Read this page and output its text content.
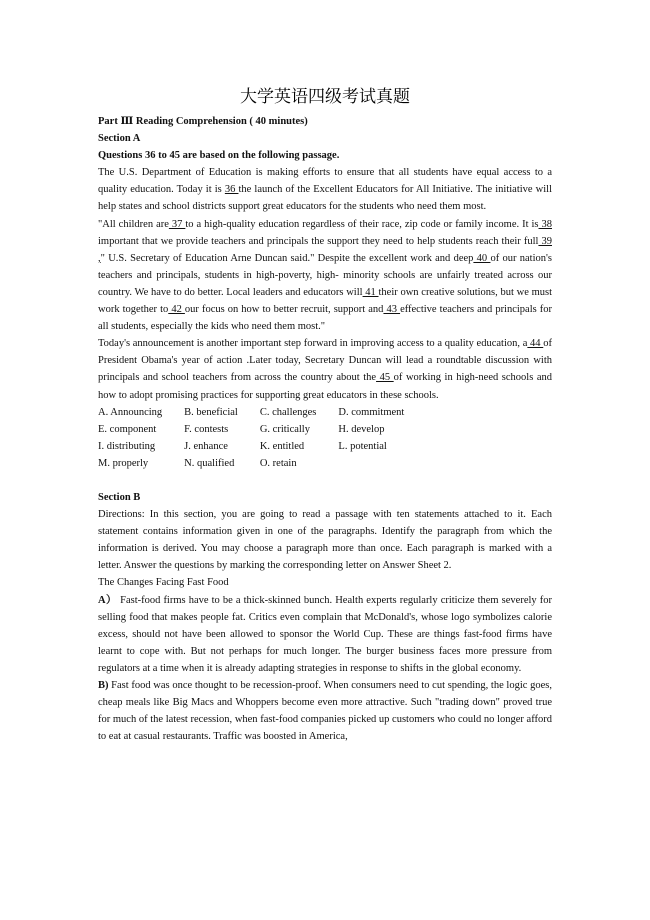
大学英语四级考试真题
Part Ⅲ Reading Comprehension ( 40 minutes)
Section A
Questions 36 to 45 are based on the following passage.

The U.S. Department of Education is making efforts to ensure that all students have equal access to a quality education. Today it is 36 the launch of the Excellent Educators for All Initiative. The initiative will help states and school districts support great educators for the students who need them most.

"All children are 37 to a high-quality education regardless of their race, zip code or family income. It is 38 important that we provide teachers and principals the support they need to help students reach their full 39 ," U.S. Secretary of Education Arne Duncan said." Despite the excellent work and deep 40 of our nation's teachers and principals, students in high-poverty, high- minority schools are unfairly treated across our country. We have to do better. Local leaders and educators will 41 their own creative solutions, but we must work together to 42 our focus on how to better recruit, support and 43 effective teachers and principals for all students, especially the kids who need them most."

Today's announcement is another important step forward in improving access to a quality education, a 44 of President Obama's year of action .Later today, Secretary Duncan will lead a roundtable discussion with principals and school teachers from across the country about the 45 of working in high-need schools and how to adopt promising practices for supporting great educators in these schools.

A. Announcing B. beneficial C. challenges D. commitment
E. component	F. contests	G. critically	H. develop
I. distributing	J. enhance	K. entitled	L. potential
M. properly	N. qualified	O. retain
Section B

Directions: In this section, you are going to read a passage with ten statements attached to it. Each statement contains information given in one of the paragraphs. Identify the paragraph from which the information is derived. You may choose a paragraph more than once. Each paragraph is marked with a letter. Answer the questions by marking the corresponding letter on Answer Sheet 2.

The Changes Facing Fast Food

A） Fast-food firms have to be a thick-skinned bunch. Health experts regularly criticize them severely for selling food that makes people fat. Critics even complain that McDonald's, whose logo symbolizes calorie excess, should not have been allowed to sponsor the World Cup. These are things fast-food firms have learnt to cope with. But not perhaps for much longer. The burger business faces more pressure from regulators at a time when it is already adapting strategies in response to shifts in the global economy.

B) Fast food was once thought to be recession-proof. When consumers need to cut spending, the logic goes, cheap meals like Big Macs and Whoppers become even more attractive. Such "trading down" proved true for much of the latest recession, when fast-food companies picked up customers who could no longer afford to eat at casual restaurants. Traffic was boosted in America,
